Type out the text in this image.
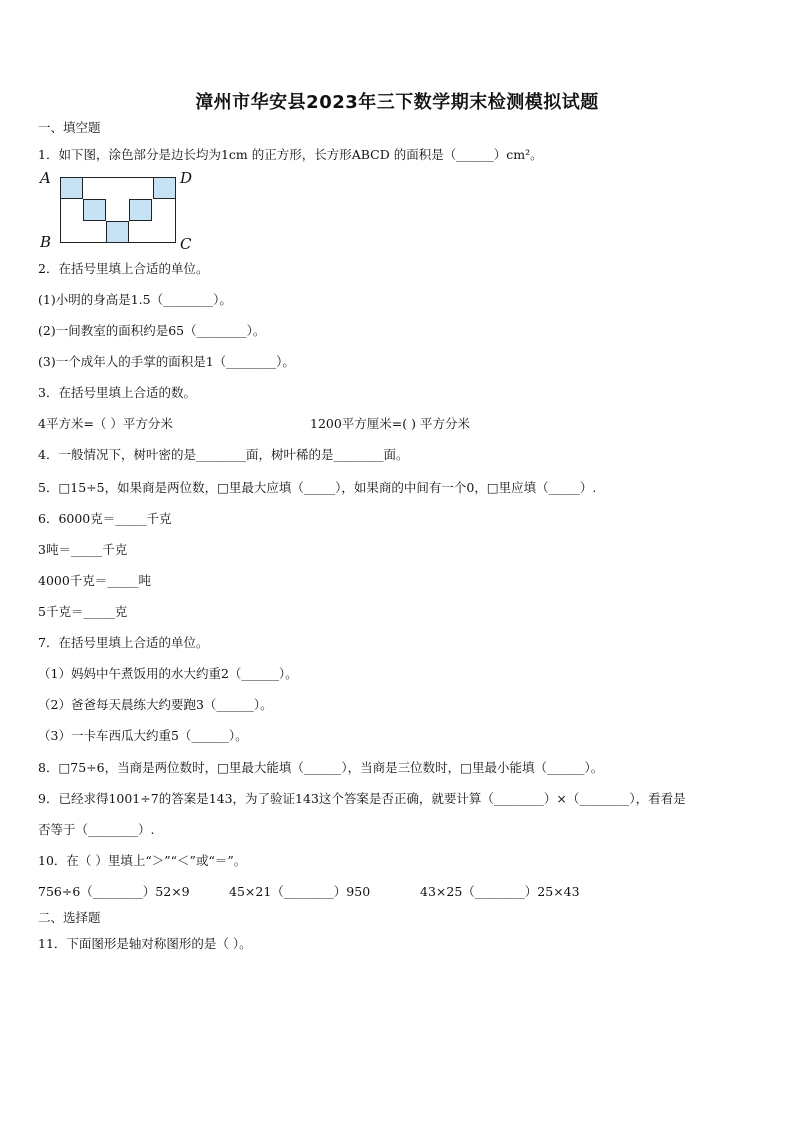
漳州市华安县2023年三下数学期末检测模拟试题
一、填空题
1．如下图，涂色部分是边长均为1cm 的正方形，长方形ABCD 的面积是（______）cm²。
A	D
B	C
2．在括号里填上合适的单位。
(1)小明的身高是1.5（________）。
(2)一间教室的面积约是65（________）。
(3)一个成年人的手掌的面积是1（________）。
3．在括号里填上合适的数。
4平方米=（ ）平方分米	1200平方厘米=( ) 平方分米
4．一般情况下，树叶密的是________面，树叶稀的是________面。
5．□15÷5，如果商是两位数，□里最大应填（_____），如果商的中间有一个0，□里应填（_____）.
6．6000克＝_____千克
3吨＝_____千克
4000千克＝_____吨
5千克＝_____克
7．在括号里填上合适的单位。
（1）妈妈中午煮饭用的水大约重2（______）。
（2）爸爸每天晨练大约要跑3（______）。
（3）一卡车西瓜大约重5（______）。
8．□75÷6，当商是两位数时，□里最大能填（______），当商是三位数时，□里最小能填（______）。
9．已经求得1001÷7的答案是143，为了验证143这个答案是否正确，就要计算（________）×（________），看看是
否等于（________）.
10．在（ ）里填上“＞”“＜”或“＝”。
756÷6（________）52×9	45×21（________）950	43×25（________）25×43
二、选择题
11．下面图形是轴对称图形的是（ ）。
